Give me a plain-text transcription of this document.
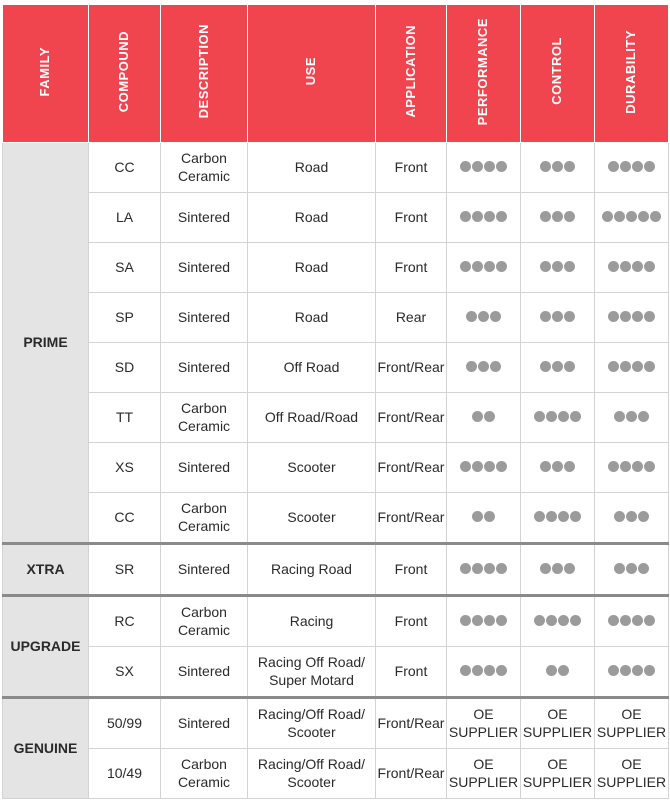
FAMILY	COMPOUND	DESCRIPTION	USE	APPLICATION	PERFORMANCE	CONTROL	DURABILITY
PRIME	CC	Carbon Ceramic	Road	Front	

	LA	Sintered	Road	Front	

	SA	Sintered	Road	Front	

	SP	Sintered	Road	Rear	

	SD	Sintered	Off Road	Front/Rear	

	TT	Carbon Ceramic	Off Road/Road	Front/Rear	

	XS	Sintered	Scooter	Front/Rear	

	CC	Carbon Ceramic	Scooter	Front/Rear	

XTRA	SR	Sintered	Racing Road	Front	

UPGRADE	RC	Carbon Ceramic	Racing	Front	

	SX	Sintered	Racing Off Road/ Super Motard	Front	

GENUINE	50/99	Sintered	Racing/Off Road/ Scooter	Front/Rear	OE SUPPLIER	OE SUPPLIER	OE SUPPLIER
	10/49	Carbon Ceramic	Racing/Off Road/ Scooter	Front/Rear	OE SUPPLIER	OE SUPPLIER	OE SUPPLIER
